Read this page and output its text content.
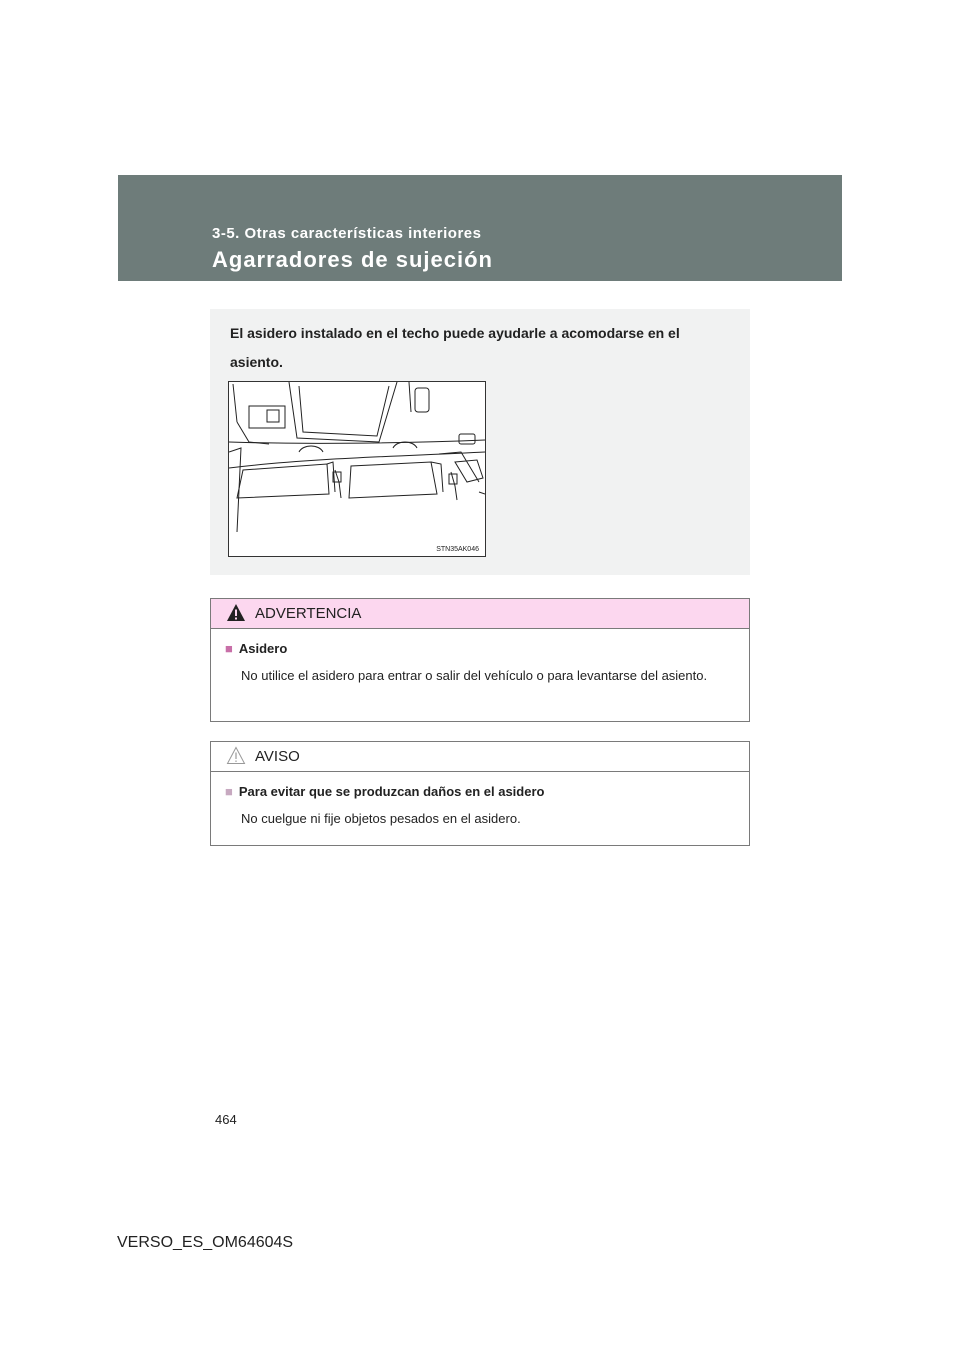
3-5. Otras características interiores
Agarradores de sujeción
El asidero instalado en el techo puede ayudarle a acomodarse en el asiento.
STN35AK046
ADVERTENCIA
■ Asidero
No utilice el asidero para entrar o salir del vehículo o para levantarse del asiento.
AVISO
■ Para evitar que se produzcan daños en el asidero
No cuelgue ni fije objetos pesados en el asidero.
464
VERSO_ES_OM64604S
